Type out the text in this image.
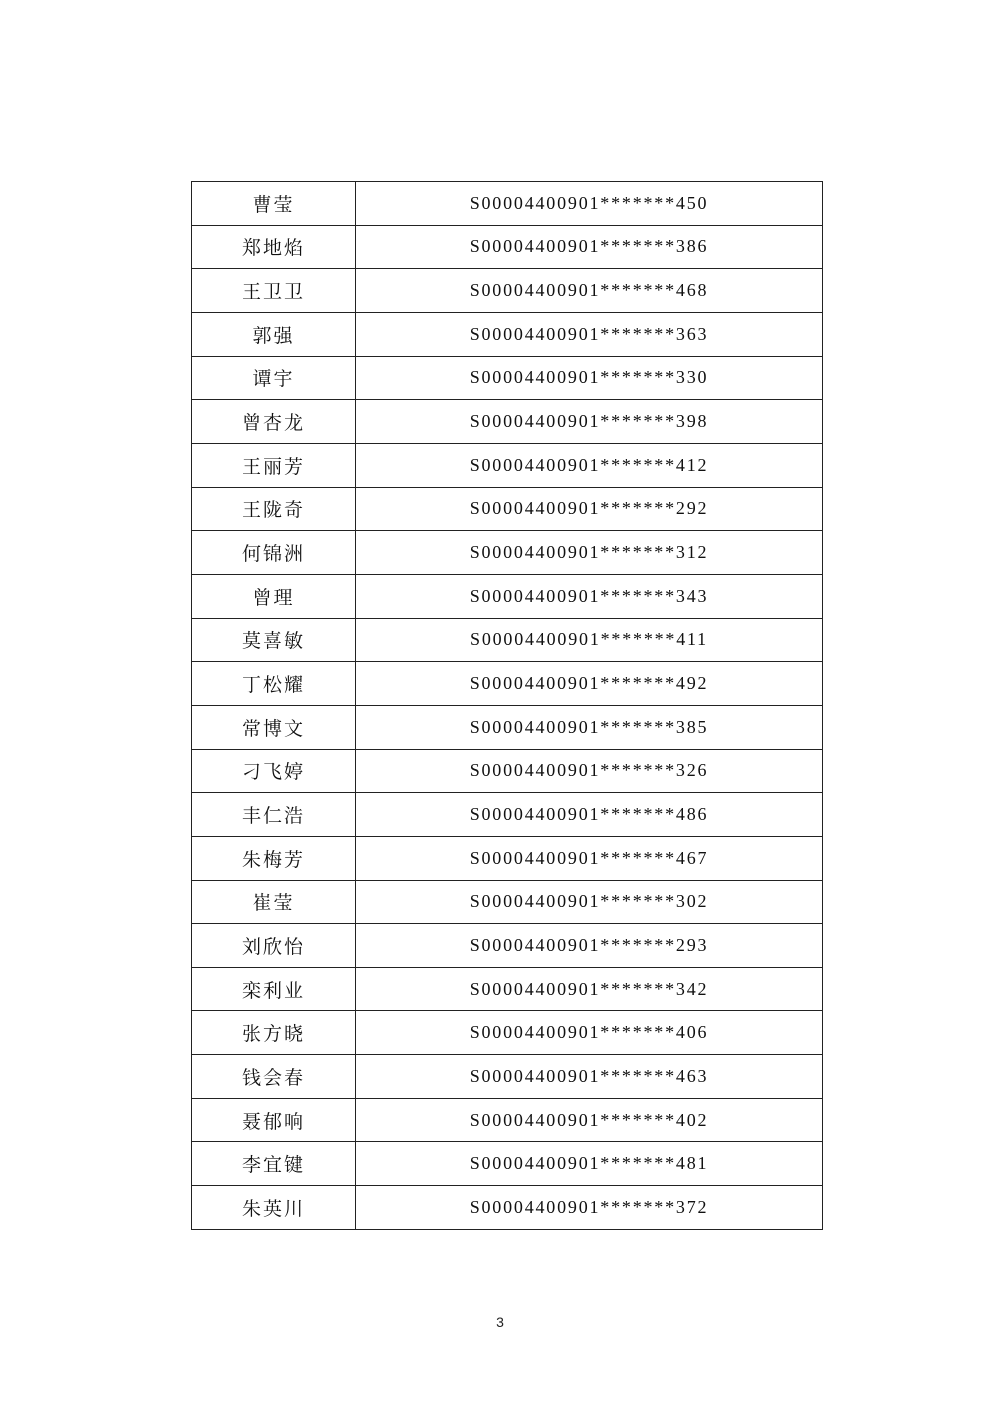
曹莹	S00004400901*******450
郑地焰	S00004400901*******386
王卫卫	S00004400901*******468
郭强	S00004400901*******363
谭宇	S00004400901*******330
曾杏龙	S00004400901*******398
王丽芳	S00004400901*******412
王陇奇	S00004400901*******292
何锦洲	S00004400901*******312
曾理	S00004400901*******343
莫喜敏	S00004400901*******411
丁松耀	S00004400901*******492
常博文	S00004400901*******385
刁飞婷	S00004400901*******326
丰仁浩	S00004400901*******486
朱梅芳	S00004400901*******467
崔莹	S00004400901*******302
刘欣怡	S00004400901*******293
栾利业	S00004400901*******342
张方晓	S00004400901*******406
钱会春	S00004400901*******463
聂郁响	S00004400901*******402
李宜键	S00004400901*******481
朱英川	S00004400901*******372
3
